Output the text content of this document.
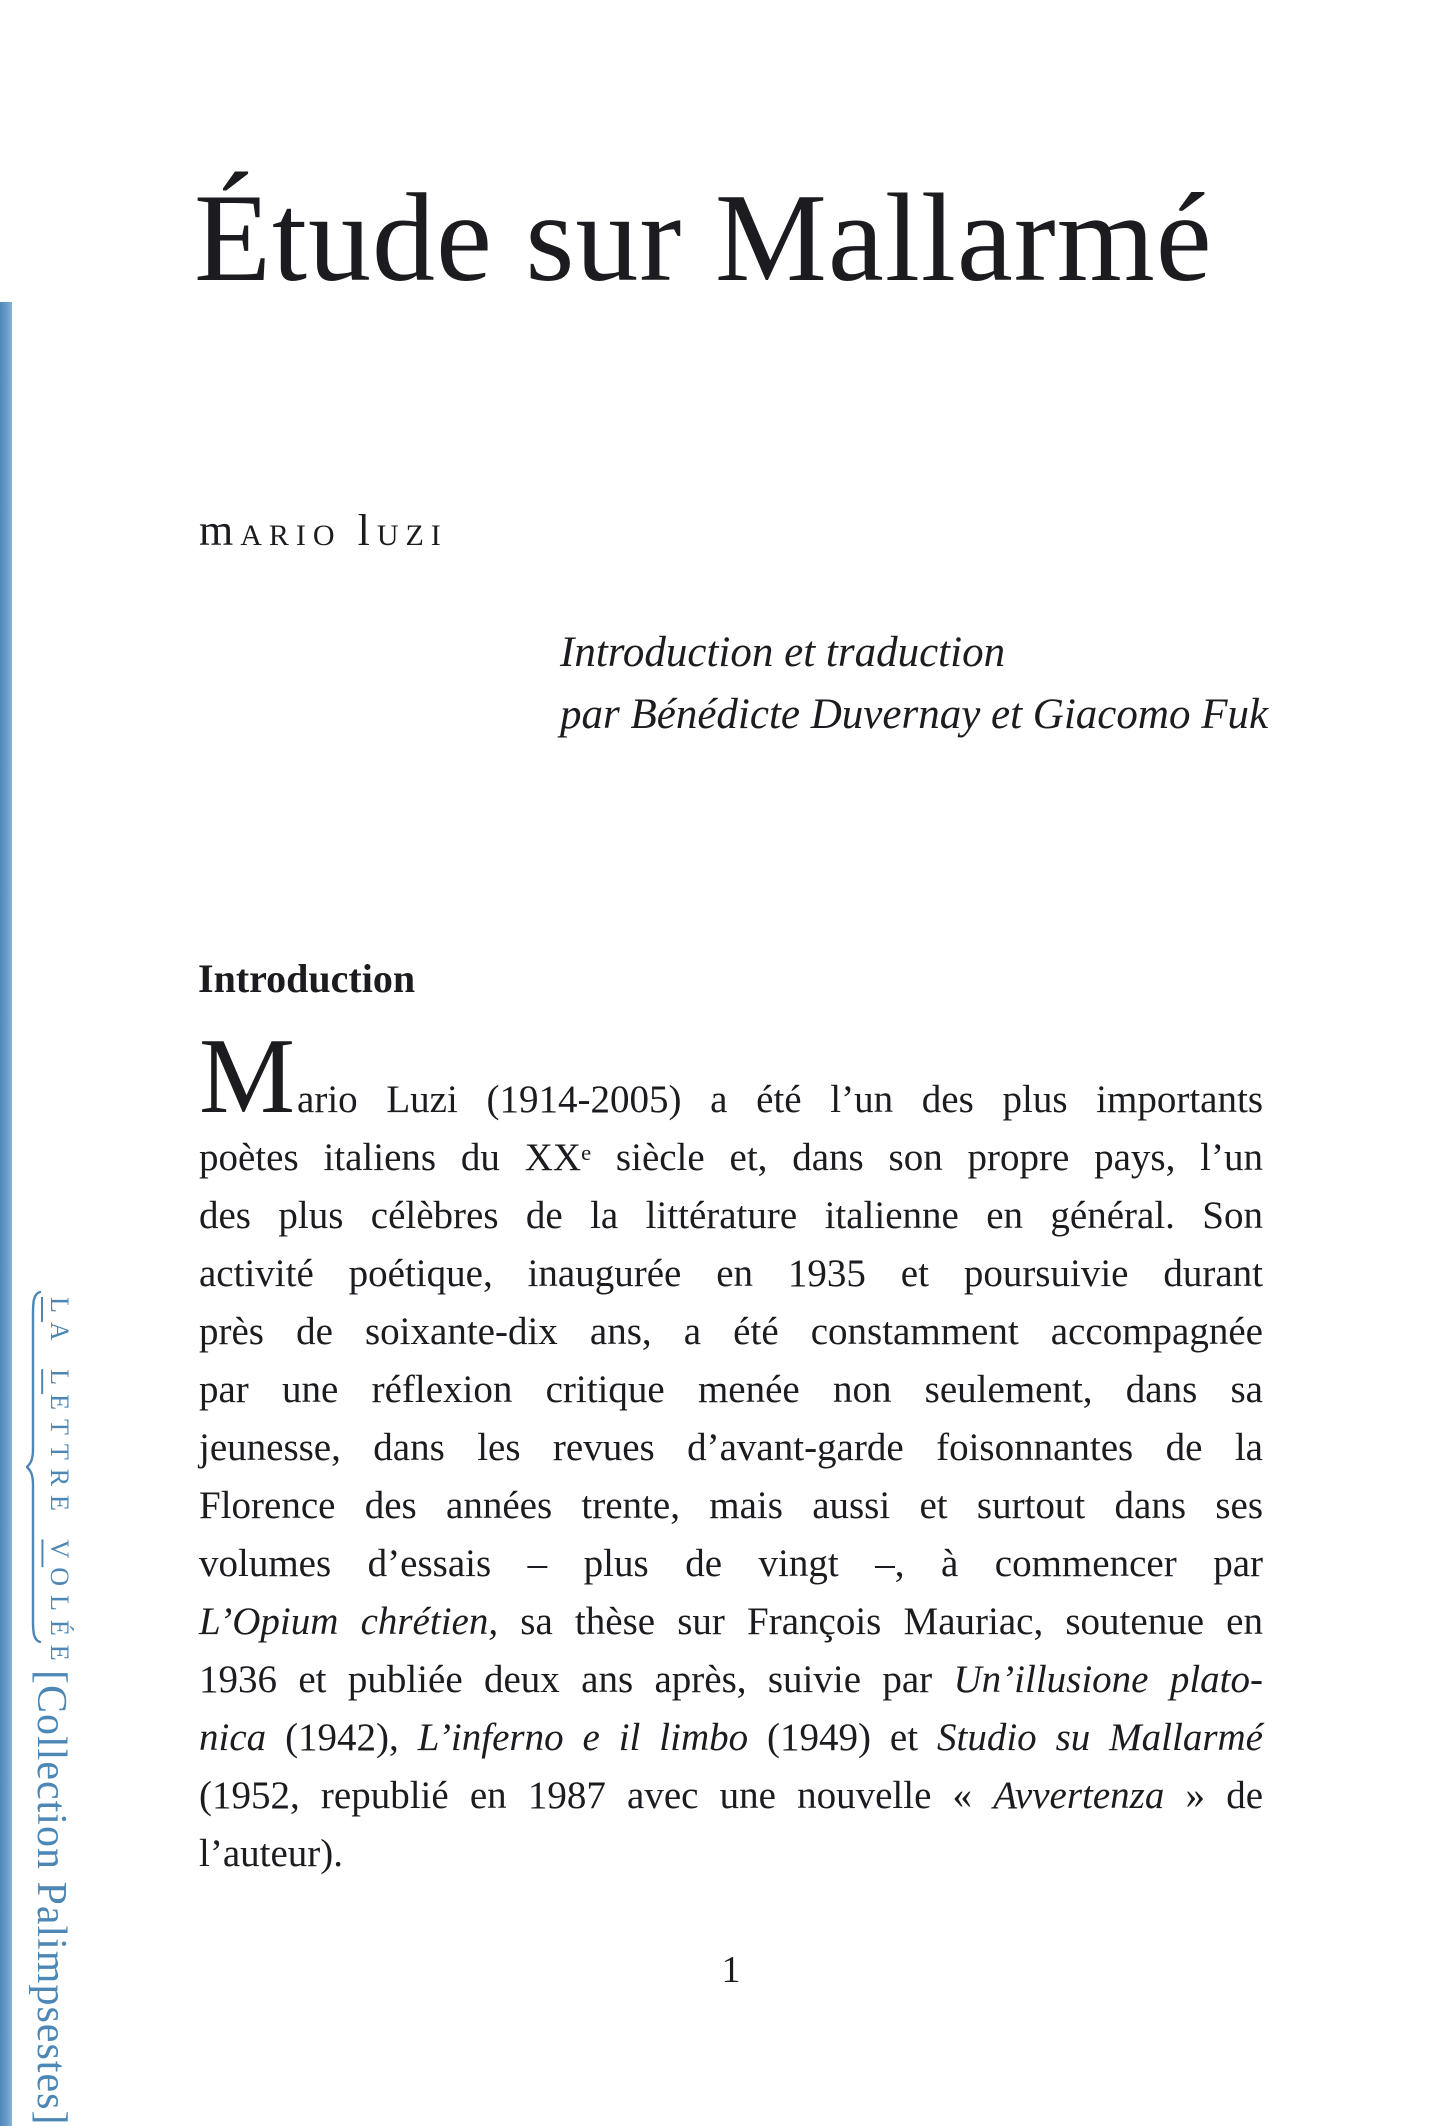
LA LETTRE VOLÉE
[Collection Palimpsestes]
Étude sur Mallarmé
mARIO lUZI
Introduction et traduction
par Bénédicte Duvernay et Giacomo Fuk
Introduction
Mario Luzi (1914-2005) a été l’un des plus importants
poètes italiens du XXe siècle et, dans son propre pays, l’un
des plus célèbres de la littérature italienne en général. Son
activité poétique, inaugurée en 1935 et poursuivie durant
près de soixante-dix ans, a été constamment accompagnée
par une réflexion critique menée non seulement, dans sa
jeunesse, dans les revues d’avant-garde foisonnantes de la
Florence des années trente, mais aussi et surtout dans ses
volumes d’essais – plus de vingt –, à commencer par
L’Opium chrétien, sa thèse sur François Mauriac, soutenue en
1936 et publiée deux ans après, suivie par Un’illusione plato-
nica (1942), L’inferno e il limbo (1949) et Studio su Mallarmé
(1952, republié en 1987 avec une nouvelle « Avvertenza » de
l’auteur).
1
